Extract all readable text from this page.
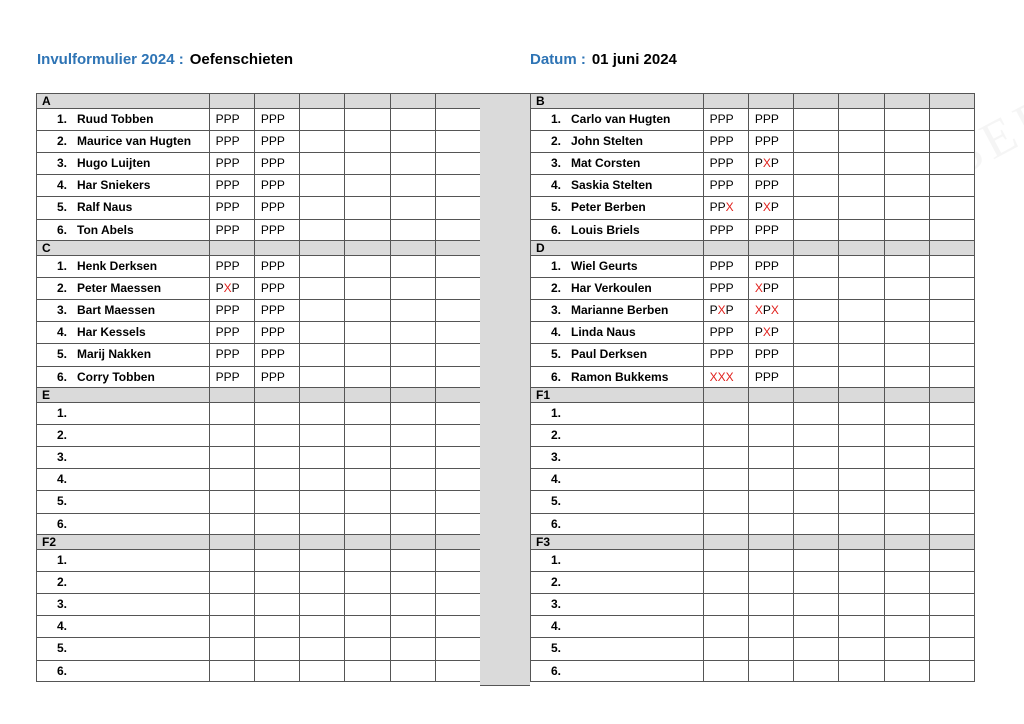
Invulformulier 2024 : Oefenschieten	Datum : 01 juni 2024
A
1. Ruud Tobben	PPP	PPP
2. Maurice van Hugten	PPP	PPP
3. Hugo Luijten	PPP	PPP
4. Har Sniekers	PPP	PPP
5. Ralf Naus	PPP	PPP
6. Ton Abels	PPP	PPP
C
1. Henk Derksen	PPP	PPP
2. Peter Maessen	PXP	PPP
3. Bart Maessen	PPP	PPP
4. Har Kessels	PPP	PPP
5. Marij Nakken	PPP	PPP
6. Corry Tobben	PPP	PPP
E
1.
2.
3.
4.
5.
6.
F2
1.
2.
3.
4.
5.
6.
B
1. Carlo van Hugten	PPP	PPP
2. John Stelten	PPP	PPP
3. Mat Corsten	PPP	PXP
4. Saskia Stelten	PPP	PPP
5. Peter Berben	PPX	PXP
6. Louis Briels	PPP	PPP
D
1. Wiel Geurts	PPP	PPP
2. Har Verkoulen	PPP	XPP
3. Marianne Berben	PXP	XPX
4. Linda Naus	PPP	PXP
5. Paul Derksen	PPP	PPP
6. Ramon Bukkems	XXX	PPP
F1
1.
2.
3.
4.
5.
6.
F3
1.
2.
3.
4.
5.
6.
